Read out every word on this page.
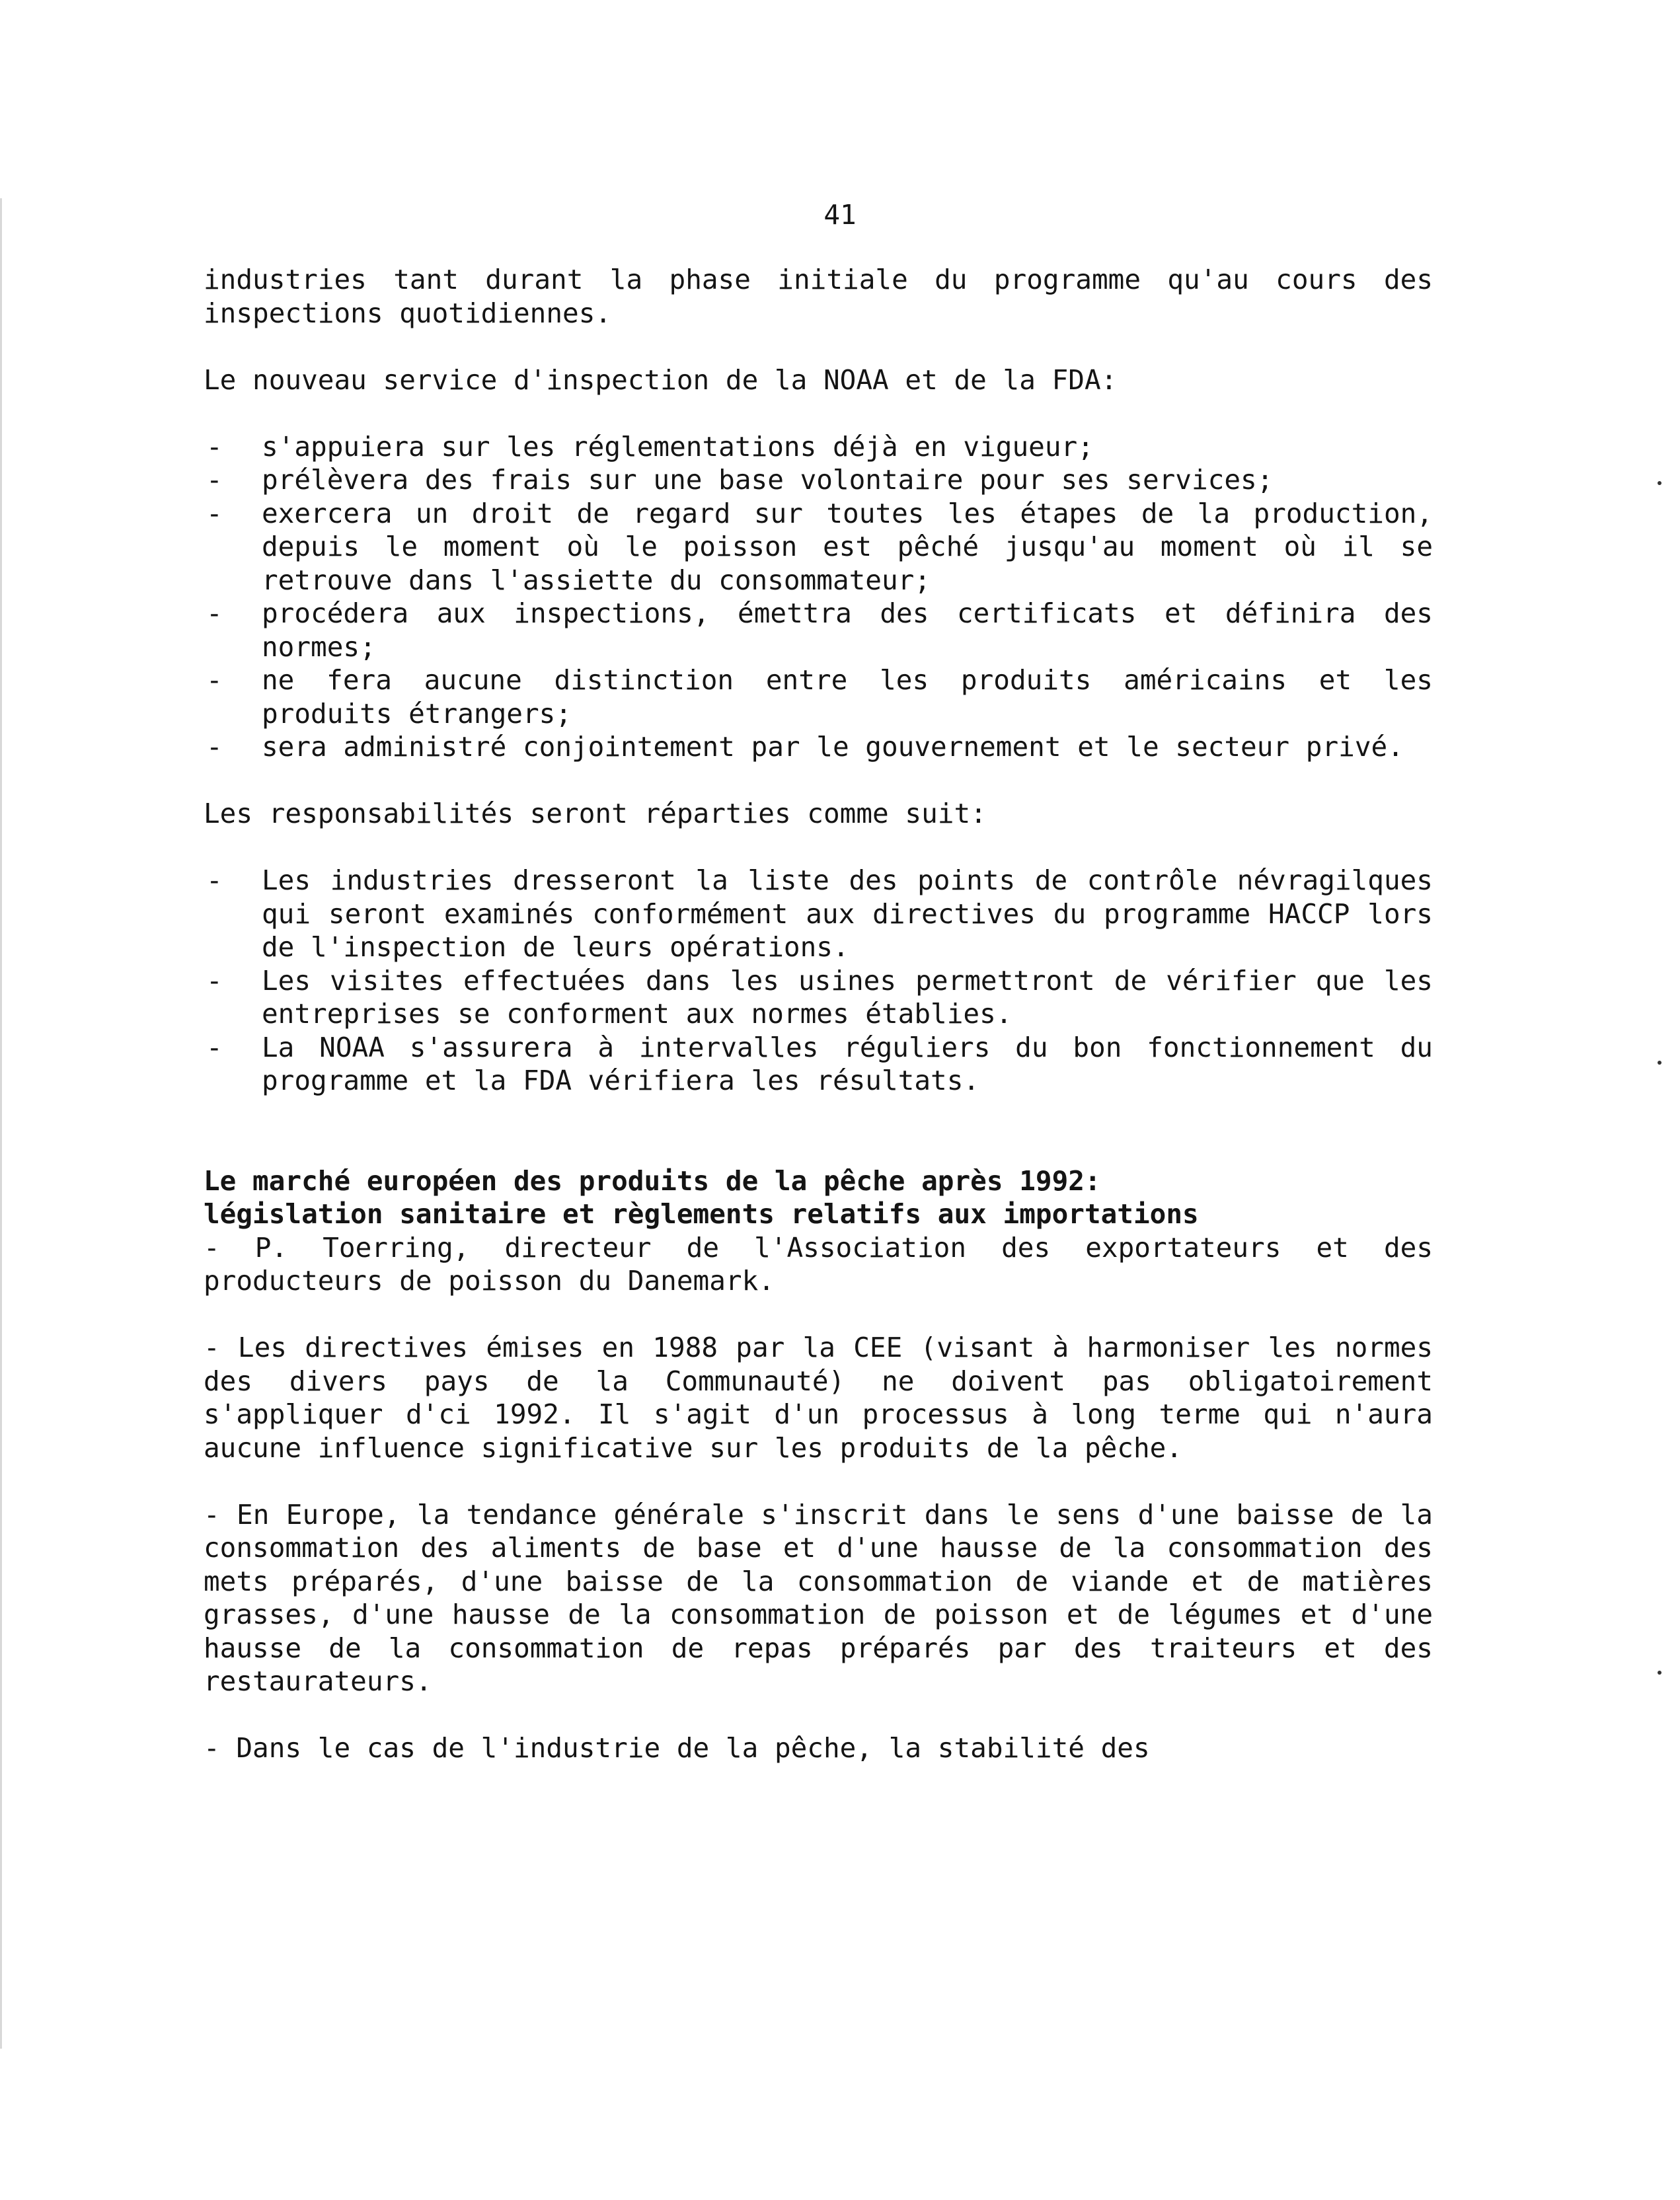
41

industries tant durant la phase initiale du programme qu'au cours des inspections quotidiennes.

Le nouveau service d'inspection de la NOAA et de la FDA:

- s'appuiera sur les réglementations déjà en vigueur;
- prélèvera des frais sur une base volontaire pour ses services;
- exercera un droit de regard sur toutes les étapes de la production, depuis le moment où le poisson est pêché jusqu'au moment où il se retrouve dans l'assiette du consommateur;
- procédera aux inspections, émettra des certificats et définira des normes;
- ne fera aucune distinction entre les produits américains et les produits étrangers;
- sera administré conjointement par le gouvernement et le secteur privé.

Les responsabilités seront réparties comme suit:

- Les industries dresseront la liste des points de contrôle névragilques qui seront examinés conformément aux directives du programme HACCP lors de l'inspection de leurs opérations.
- Les visites effectuées dans les usines permettront de vérifier que les entreprises se conforment aux normes établies.
- La NOAA s'assurera à intervalles réguliers du bon fonctionnement du programme et la FDA vérifiera les résultats.

Le marché européen des produits de la pêche après 1992:

législation sanitaire et règlements relatifs aux importations

- P. Toerring, directeur de l'Association des exportateurs et des producteurs de poisson du Danemark.

- Les directives émises en 1988 par la CEE (visant à harmoniser les normes des divers pays de la Communauté) ne doivent pas obligatoirement s'appliquer d'ci 1992. Il s'agit d'un processus à long terme qui n'aura aucune influence significative sur les produits de la pêche.

- En Europe, la tendance générale s'inscrit dans le sens d'une baisse de la consommation des aliments de base et d'une hausse de la consommation des mets préparés, d'une baisse de la consommation de viande et de matières grasses, d'une hausse de la consommation de poisson et de légumes et d'une hausse de la consommation de repas préparés par des traiteurs et des restaurateurs.

- Dans le cas de l'industrie de la pêche, la stabilité des
